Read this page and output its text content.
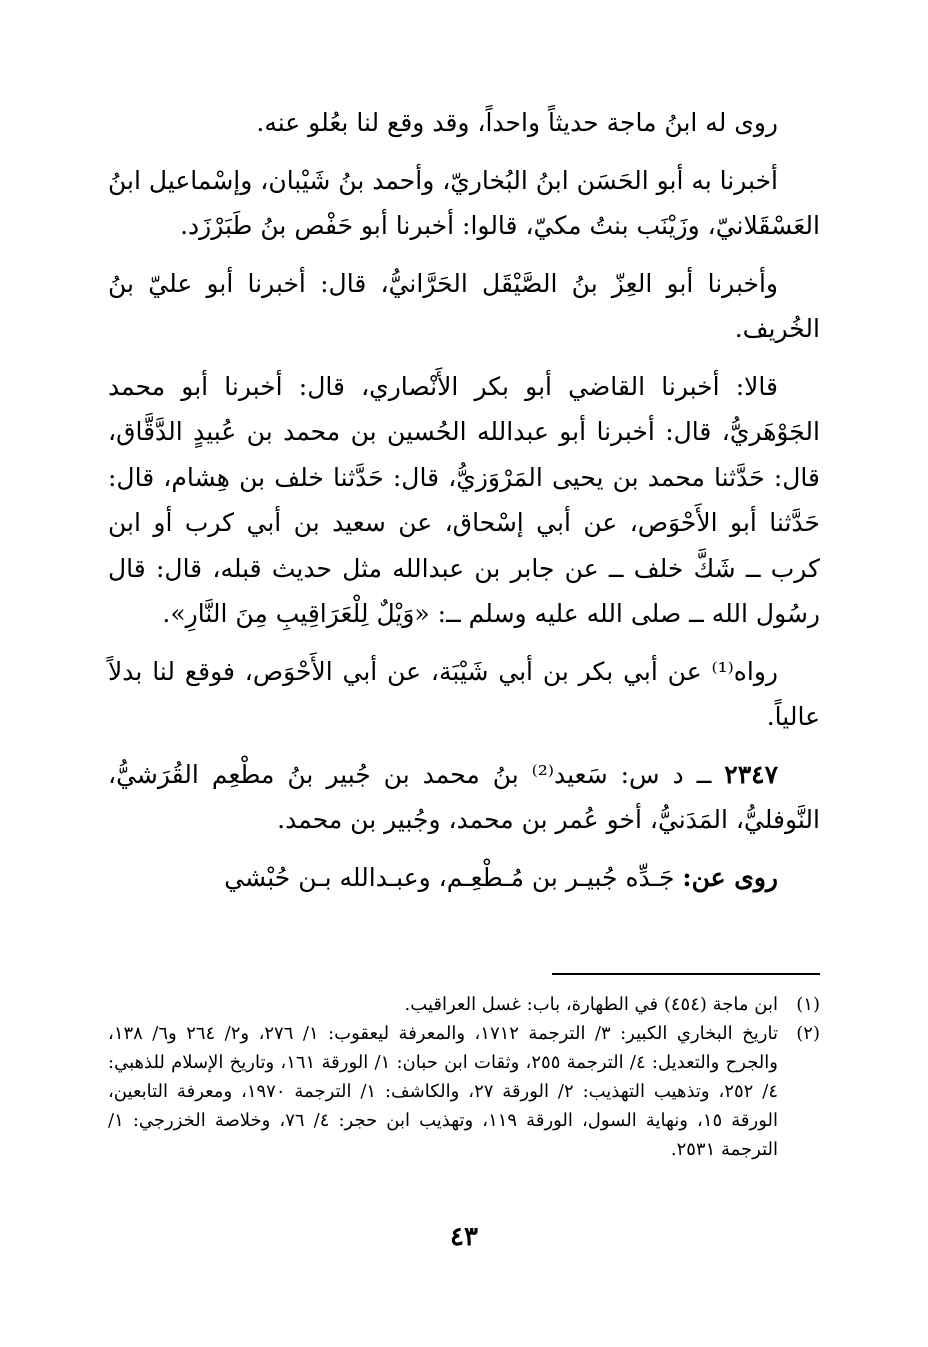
روى له ابنُ ماجة حديثاً واحداً، وقد وقع لنا بعُلو عنه.

أخبرنا به أبو الحَسَن ابنُ البُخاريّ، وأحمد بنُ شَيْبان، وإسْماعيل ابنُ العَسْقَلانيّ، وزَيْنَب بنتُ مكيّ، قالوا: أخبرنا أبو حَفْص بنُ طَبَرْزَد.

وأخبرنا أبو العِزّ بنُ الصَّيْقَل الحَرَّانيُّ، قال: أخبرنا أبو عليّ بنُ الخُريف.

قالا: أخبرنا القاضي أبو بكر الأَنْصاري، قال: أخبرنا أبو محمد الجَوْهَريُّ، قال: أخبرنا أبو عبدالله الحُسين بن محمد بن عُبيدٍ الدَّقَّاق، قال: حَدَّثنا محمد بن يحيى المَرْوَزيُّ، قال: حَدَّثنا خلف بن هِشام، قال: حَدَّثنا أبو الأَحْوَص، عن أبي إسْحاق، عن سعيد بن أبي كرب أو ابن كرب ــ شَكَّ خلف ــ عن جابر بن عبدالله مثل حديث قبله، قال: قال رسُول الله ــ صلى الله عليه وسلم ــ: «وَيْلٌ لِلْعَرَاقِيبِ مِنَ النَّارِ».

رواه⁽¹⁾ عن أبي بكر بن أبي شَيْبَة، عن أبي الأَحْوَص، فوقع لنا بدلاً عالياً.

٢٣٤٧ ــ د س: سَعيد⁽²⁾ بنُ محمد بن جُبير بنُ مطْعِم القُرَشيُّ، النَّوفليُّ، المَدَنيُّ، أخو عُمر بن محمد، وجُبير بن محمد.

روى عن: جَـدِّه جُبيـر بن مُـطْعِـم، وعبـدالله بـن حُبْشي

(١)
ابن ماجة (٤٥٤) في الطهارة، باب: غسل العراقيب.
(٢)
تاريخ البخاري الكبير: ٣/ الترجمة ١٧١٢، والمعرفة ليعقوب: ١/ ٢٧٦، و٢/ ٢٦٤ و٦/ ١٣٨، والجرح والتعديل: ٤/ الترجمة ٢٥٥، وثقات ابن حبان: ١/ الورقة ١٦١، وتاريخ الإسلام للذهبي: ٤/ ٢٥٢، وتذهيب التهذيب: ٢/ الورقة ٢٧، والكاشف: ١/ الترجمة ١٩٧٠، ومعرفة التابعين، الورقة ١٥، ونهاية السول، الورقة ١١٩، وتهذيب ابن حجر: ٤/ ٧٦، وخلاصة الخزرجي: ١/ الترجمة ٢٥٣١.
٤٣
